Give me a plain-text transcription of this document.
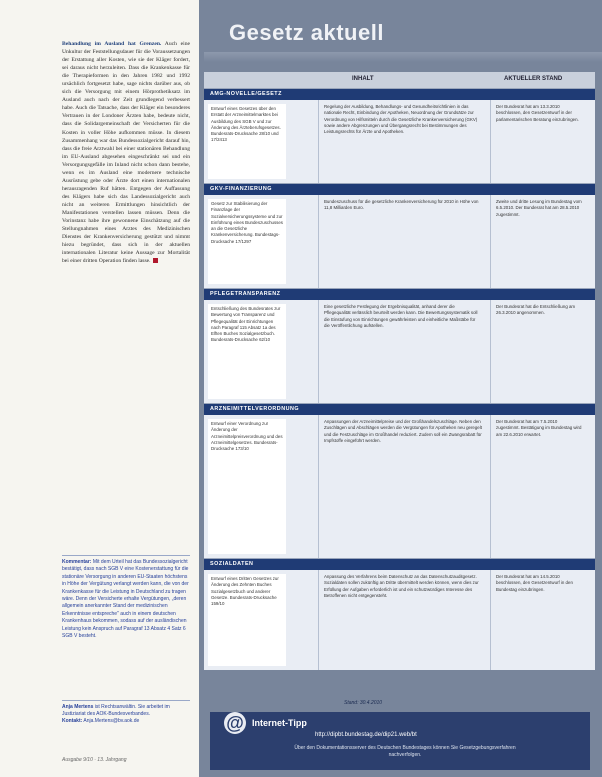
Behandlung im Ausland hat Grenzen. Auch eine Unkultur der Feststellungsdauer für die Voraussetzungen der Erstattung aller Kosten, wie sie der Kläger fordert, sei daraus nicht herzuleiten. Dass die Krankenkasse für die Therapieformen in den Jahren 1982 und 1992 ursächlich fortgesetzt habe, sage nichts darüber aus, ob sich die Versorgung mit einem Hörprothetiksatz im Ausland auch nach der Zeit grundlegend verbessert habe. Auch die Tatsache, dass der Kläger ein besonderes Vertrauen in der Londoner Ärzten habe, bedeute nicht, dass die Solidargemeinschaft der Versicherten für die Kosten in voller Höhe aufkommen müsse. In diesem Zusammenhang war das Bundessozialgericht darauf hin, dass die freie Arztwahl bei einer stationären Behandlung im EU-Ausland abgesehen eingeschränkt sei und ein Versorgungsgefälle im Inland nicht schon dann bestehe, wenn es im Ausland eine modernere technische Ausrüstung gebe oder Ärzte dort einen internationalen herausragenden Ruf hätten. Entgegen der Auffassung des Klägers habe sich das Landessozialgericht auch nicht an weiteren Ermittlungen hinsichtlich der Manifestationen verstellen lassen müssen. Denn die Vorinstanz habe ihre gewonnene Einschätzung auf die Stellungnahmen eines Arztes des Medizinischen Dienstes der Krankenversicherung gestützt und nimmt hiezu begründet, dass sich in der aktuellen internationalen Literatur keine Aussage zur Mortalität bei einer dritten Operation finden lasse.

Kommentar: Mit dem Urteil hat das Bundessozialgericht bestätigt, dass nach SGB V eine Kostenerstattung für die stationäre Versorgung in anderen EU-Staaten höchstens in Höhe der Vergütung verlangt werden kann, die von der Krankenkasse für die Leistung in Deutschland zu tragen wäre. Denn der Versicherte erhalte Vergütungen, „deren allgemein anerkannter Stand der medizinischen Erkenntnisse entspreche" auch in einem deutschen Krankenhaus bekommen, sodass auf der ausländischen Leistung kein Anspruch auf Paragraf 13 Absatz 4 Satz 6 SGB V besteht.
Anja Mertens ist Rechtsanwältin. Sie arbeitet im Justiziariat des AOK-Bundesverbandes.
Kontakt: Anja.Mertens@bv.aok.de
Ausgabe 9/10 · 13. Jahrgang
Gesetz aktuell
INHALT	AKTUELLER STAND
AMG-NOVELLE/GESETZ
Entwurf eines Gesetzes über den Erstatt der Arzneimittelmarktes bei Ausbildung des SGB V und zur Änderung des Ärzteberufsgesetzes. Bundesrats-Drucksache 28/10 und 17/2413
Regelung der Ausbildung, Behandlungs- und Gesundheitsrichtlinien in das nationale Recht, Einbindung der Apotheken, Neuordnung der Grundsätze zur Verordnung von Hilfsmitteln durch die Gesetzliche Krankenversicherung (GKV) sowie andere Abgrenzungen und Übergangsrecht bei Bestimmungen des Leistungsrechts für Ärzte und Apotheken.
Der Bundesrat hat am 13.3.2010 beschlossen, den Gesetzentwurf in der parlamentarischen Beratung einzubringen.
GKV-FINANZIERUNG
Gesetz zur Stabilisierung der Finanzlage der Sozialversicherungssysteme und zur Einführung eines Bundeszuschusses an die Gesetzliche Krankenversicherung. Bundestags-Drucksache 17/1297
Bundeszuschuss für die gesetzliche Krankenversicherung für 2010 in Höhe von 11,8 Milliarden Euro.
Zweite und dritte Lesung im Bundestag vom 6.5.2010. Der Bundesrat hat am 28.5.2010 zugestimmt.
PFLEGETRANSPARENZ
Entschließung des Bundesrates zur Bewertung von Transparenz und Pflegequalität der Einrichtungen nach Paragraf 115 Absatz 1a des Elften Buches Sozialgesetzbuch. Bundesrats-Drucksache 62/10
Eine gesetzliche Festlegung der Ergebnisqualität, anhand derer die Pflegequalität verlässlich beurteilt werden kann. Die Bewertungssystematik soll die Einstufung von Einrichtungen gewährleisten und einheitliche Maßstäbe für die Veröffentlichung aufstellen.
Der Bundesrat hat die Entschließung am 26.3.2010 angenommen.
ARZNEIMITTELVERORDNUNG
Entwurf einer Verordnung zur Änderung der Arzneimittelpreisverordnung und des Arzneimittelgesetzes. Bundesrats-Drucksache 173/10
Anpassungen der Arzneimittelpreise und der Großhandelszuschläge. Neben den Zuschlägen und Abschlägen werden die Vergütungen für Apotheken neu geregelt und die Festzuschläge im Großhandel reduziert. Zudem soll ein Zwangsrabatt für Impfstoffe eingeführt werden.
Der Bundesrat hat am 7.5.2010 zugestimmt. Bestätigung im Bundestag wird am 22.6.2010 erwartet.
SOZIALDATEN
Entwurf eines Dritten Gesetzes zur Änderung des Zehnten Buches Sozialgesetzbuch und anderer Gesetze. Bundesrats-Drucksache 159/10
Anpassung des Verfahrens beim Datenschutz an das Datenschutzauditgesetz. Sozialdaten sollen zukünftig an Dritte übermittelt werden können, wenn dies zur Erfüllung der Aufgaben erforderlich ist und ein schutzwürdiges Interesse des Betroffenen nicht entgegensteht.
Der Bundesrat hat am 14.5.2010 beschlossen, den Gesetzentwurf in den Bundestag einzubringen.
Stand: 30.4.2010
@ Internet-Tipp
http://dipbt.bundestag.de/dip21.web/bt
Über den Dokumentationsserver des Deutschen Bundestages können Sie Gesetzgebungsverfahren nachverfolgen.
